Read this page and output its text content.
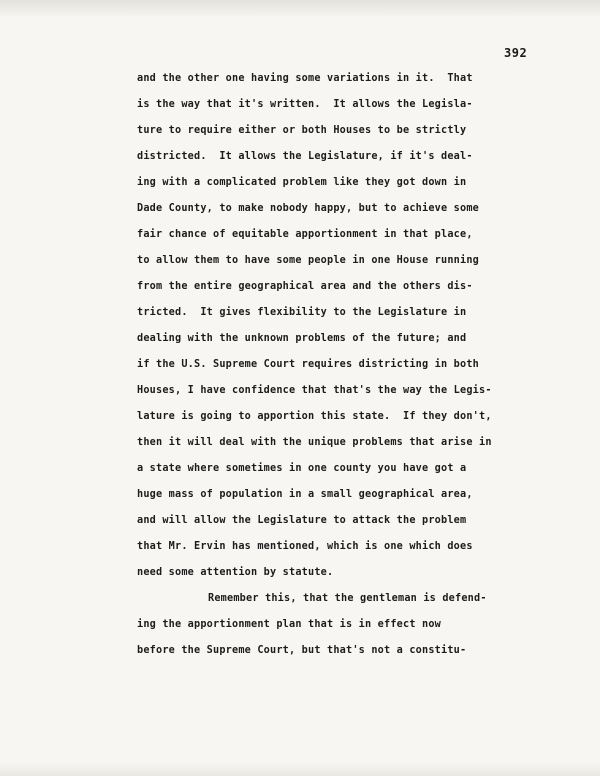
392
and the other one having some variations in it.  That
is the way that it's written.  It allows the Legisla-
ture to require either or both Houses to be strictly
districted.  It allows the Legislature, if it's deal-
ing with a complicated problem like they got down in
Dade County, to make nobody happy, but to achieve some
fair chance of equitable apportionment in that place,
to allow them to have some people in one House running
from the entire geographical area and the others dis-
tricted.  It gives flexibility to the Legislature in
dealing with the unknown problems of the future; and
if the U.S. Supreme Court requires districting in both
Houses, I have confidence that that's the way the Legis-
lature is going to apportion this state.  If they don't,
then it will deal with the unique problems that arise in
a state where sometimes in one county you have got a
huge mass of population in a small geographical area,
and will allow the Legislature to attack the problem
that Mr. Ervin has mentioned, which is one which does
need some attention by statute.
Remember this, that the gentleman is defend-
ing the apportionment plan that is in effect now
before the Supreme Court, but that's not a constitu-
